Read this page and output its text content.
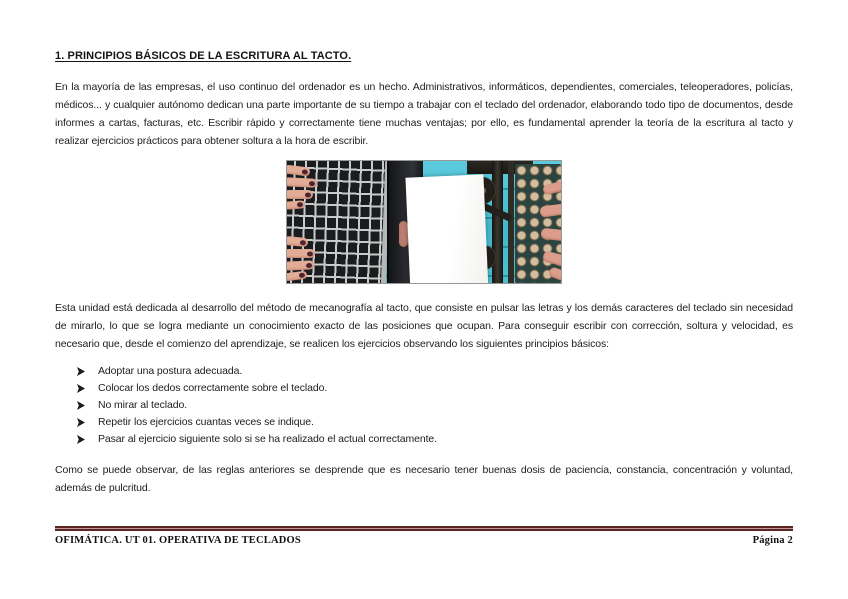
1. PRINCIPIOS BÁSICOS DE LA ESCRITURA AL TACTO.

En la mayoría de las empresas, el uso continuo del ordenador es un hecho. Administrativos, informáticos, dependientes, comerciales, teleoperadores, policías, médicos... y cualquier autónomo dedican una parte importante de su tiempo a trabajar con el teclado del ordenador, elaborando todo tipo de documentos, desde informes a cartas, facturas, etc. Escribir rápido y correctamente tiene muchas ventajas; por ello, es fundamental aprender la teoría de la escritura al tacto y realizar ejercicios prácticos para obtener soltura a la hora de escribir.

Esta unidad está dedicada al desarrollo del método de mecanografía al tacto, que consiste en pulsar las letras y los demás caracteres del teclado sin necesidad de mirarlo, lo que se logra mediante un conocimiento exacto de las posiciones que ocupan. Para conseguir escribir con corrección, soltura y velocidad, es necesario que, desde el comienzo del aprendizaje, se realicen los ejercicios observando los siguientes principios básicos:

Adoptar una postura adecuada.
Colocar los dedos correctamente sobre el teclado.
No mirar al teclado.
Repetir los ejercicios cuantas veces se indique.
Pasar al ejercicio siguiente solo si se ha realizado el actual correctamente.

Como se puede observar, de las reglas anteriores se desprende que es necesario tener buenas dosis de paciencia, constancia, concentración y voluntad, además de pulcritud.

OFIMÁTICA. UT 01. OPERATIVA DE TECLADOS	Página 2
